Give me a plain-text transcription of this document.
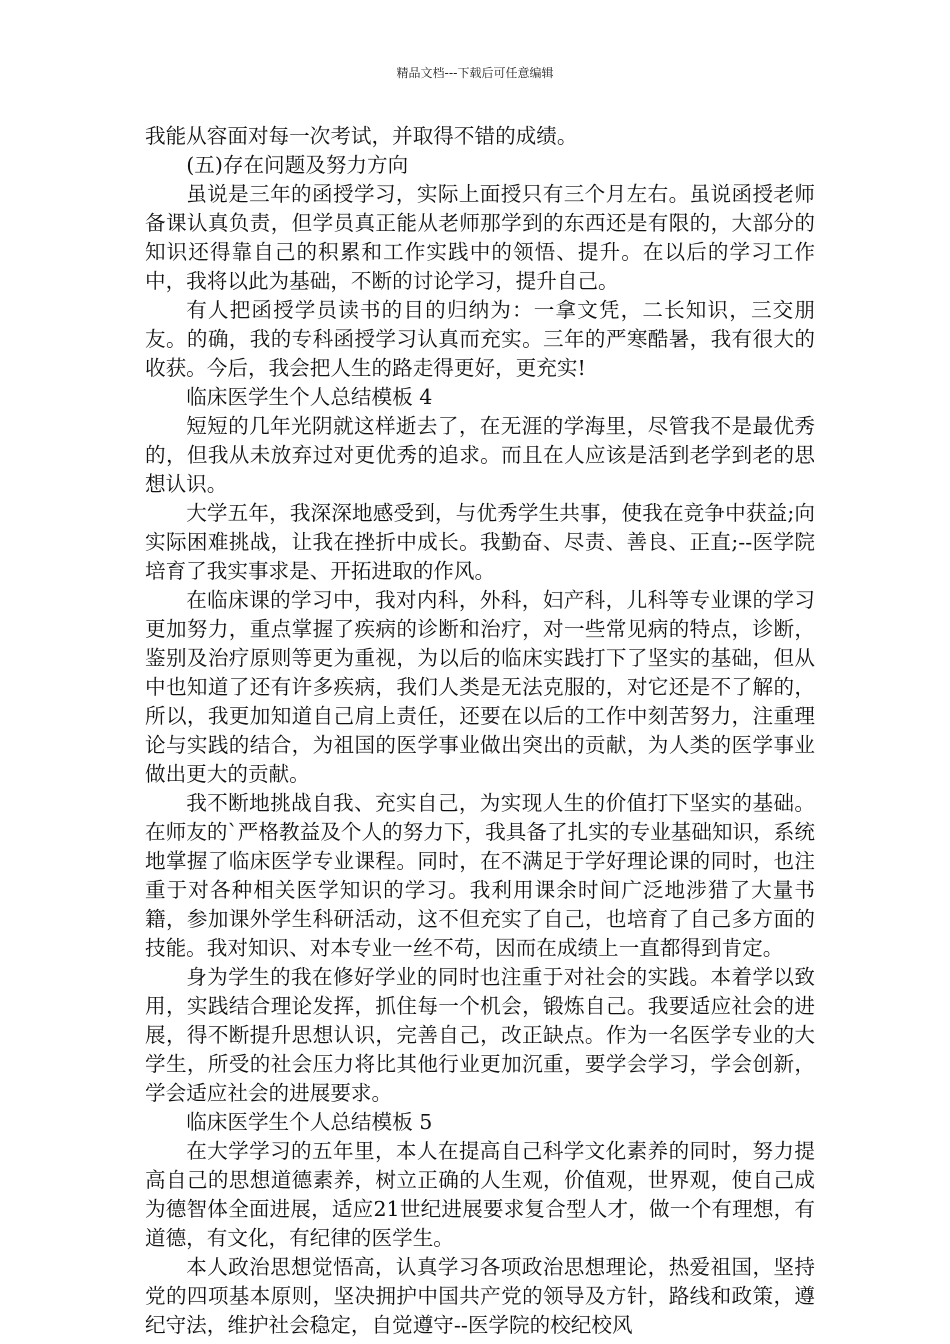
精品文档---下载后可任意编辑

我能从容面对每一次考试，并取得不错的成绩。

(五)存在问题及努力方向

虽说是三年的函授学习，实际上面授只有三个月左右。虽说函授老师备课认真负责，但学员真正能从老师那学到的东西还是有限的，大部分的知识还得靠自己的积累和工作实践中的领悟、提升。在以后的学习工作中，我将以此为基础，不断的讨论学习，提升自己。

有人把函授学员读书的目的归纳为：一拿文凭，二长知识，三交朋友。的确，我的专科函授学习认真而充实。三年的严寒酷暑，我有很大的收获。今后，我会把人生的路走得更好，更充实!

临床医学生个人总结模板 4

短短的几年光阴就这样逝去了，在无涯的学海里，尽管我不是最优秀的，但我从未放弃过对更优秀的追求。而且在人应该是活到老学到老的思想认识。

大学五年，我深深地感受到，与优秀学生共事，使我在竞争中获益;向实际困难挑战，让我在挫折中成长。我勤奋、尽责、善良、正直;--医学院培育了我实事求是、开拓进取的作风。

在临床课的学习中，我对内科，外科，妇产科，儿科等专业课的学习更加努力，重点掌握了疾病的诊断和治疗，对一些常见病的特点，诊断，鉴别及治疗原则等更为重视，为以后的临床实践打下了坚实的基础，但从中也知道了还有许多疾病，我们人类是无法克服的，对它还是不了解的，所以，我更加知道自己肩上责任，还要在以后的工作中刻苦努力，注重理论与实践的结合，为祖国的医学事业做出突出的贡献，为人类的医学事业做出更大的贡献。

我不断地挑战自我、充实自己，为实现人生的价值打下坚实的基础。在师友的`严格教益及个人的努力下，我具备了扎实的专业基础知识，系统地掌握了临床医学专业课程。同时，在不满足于学好理论课的同时，也注重于对各种相关医学知识的学习。我利用课余时间广泛地涉猎了大量书籍，参加课外学生科研活动，这不但充实了自己，也培育了自己多方面的技能。我对知识、对本专业一丝不苟，因而在成绩上一直都得到肯定。

身为学生的我在修好学业的同时也注重于对社会的实践。本着学以致用，实践结合理论发挥，抓住每一个机会，锻炼自己。我要适应社会的进展，得不断提升思想认识，完善自己，改正缺点。作为一名医学专业的大学生，所受的社会压力将比其他行业更加沉重，要学会学习，学会创新，学会适应社会的进展要求。

临床医学生个人总结模板 5

在大学学习的五年里，本人在提高自己科学文化素养的同时，努力提高自己的思想道德素养，树立正确的人生观，价值观，世界观，使自己成为德智体全面进展，适应21世纪进展要求复合型人才，做一个有理想，有道德，有文化，有纪律的医学生。

本人政治思想觉悟高，认真学习各项政治思想理论，热爱祖国，坚持党的四项基本原则，坚决拥护中国共产党的领导及方针，路线和政策，遵纪守法，维护社会稳定，自觉遵守--医学院的校纪校风
